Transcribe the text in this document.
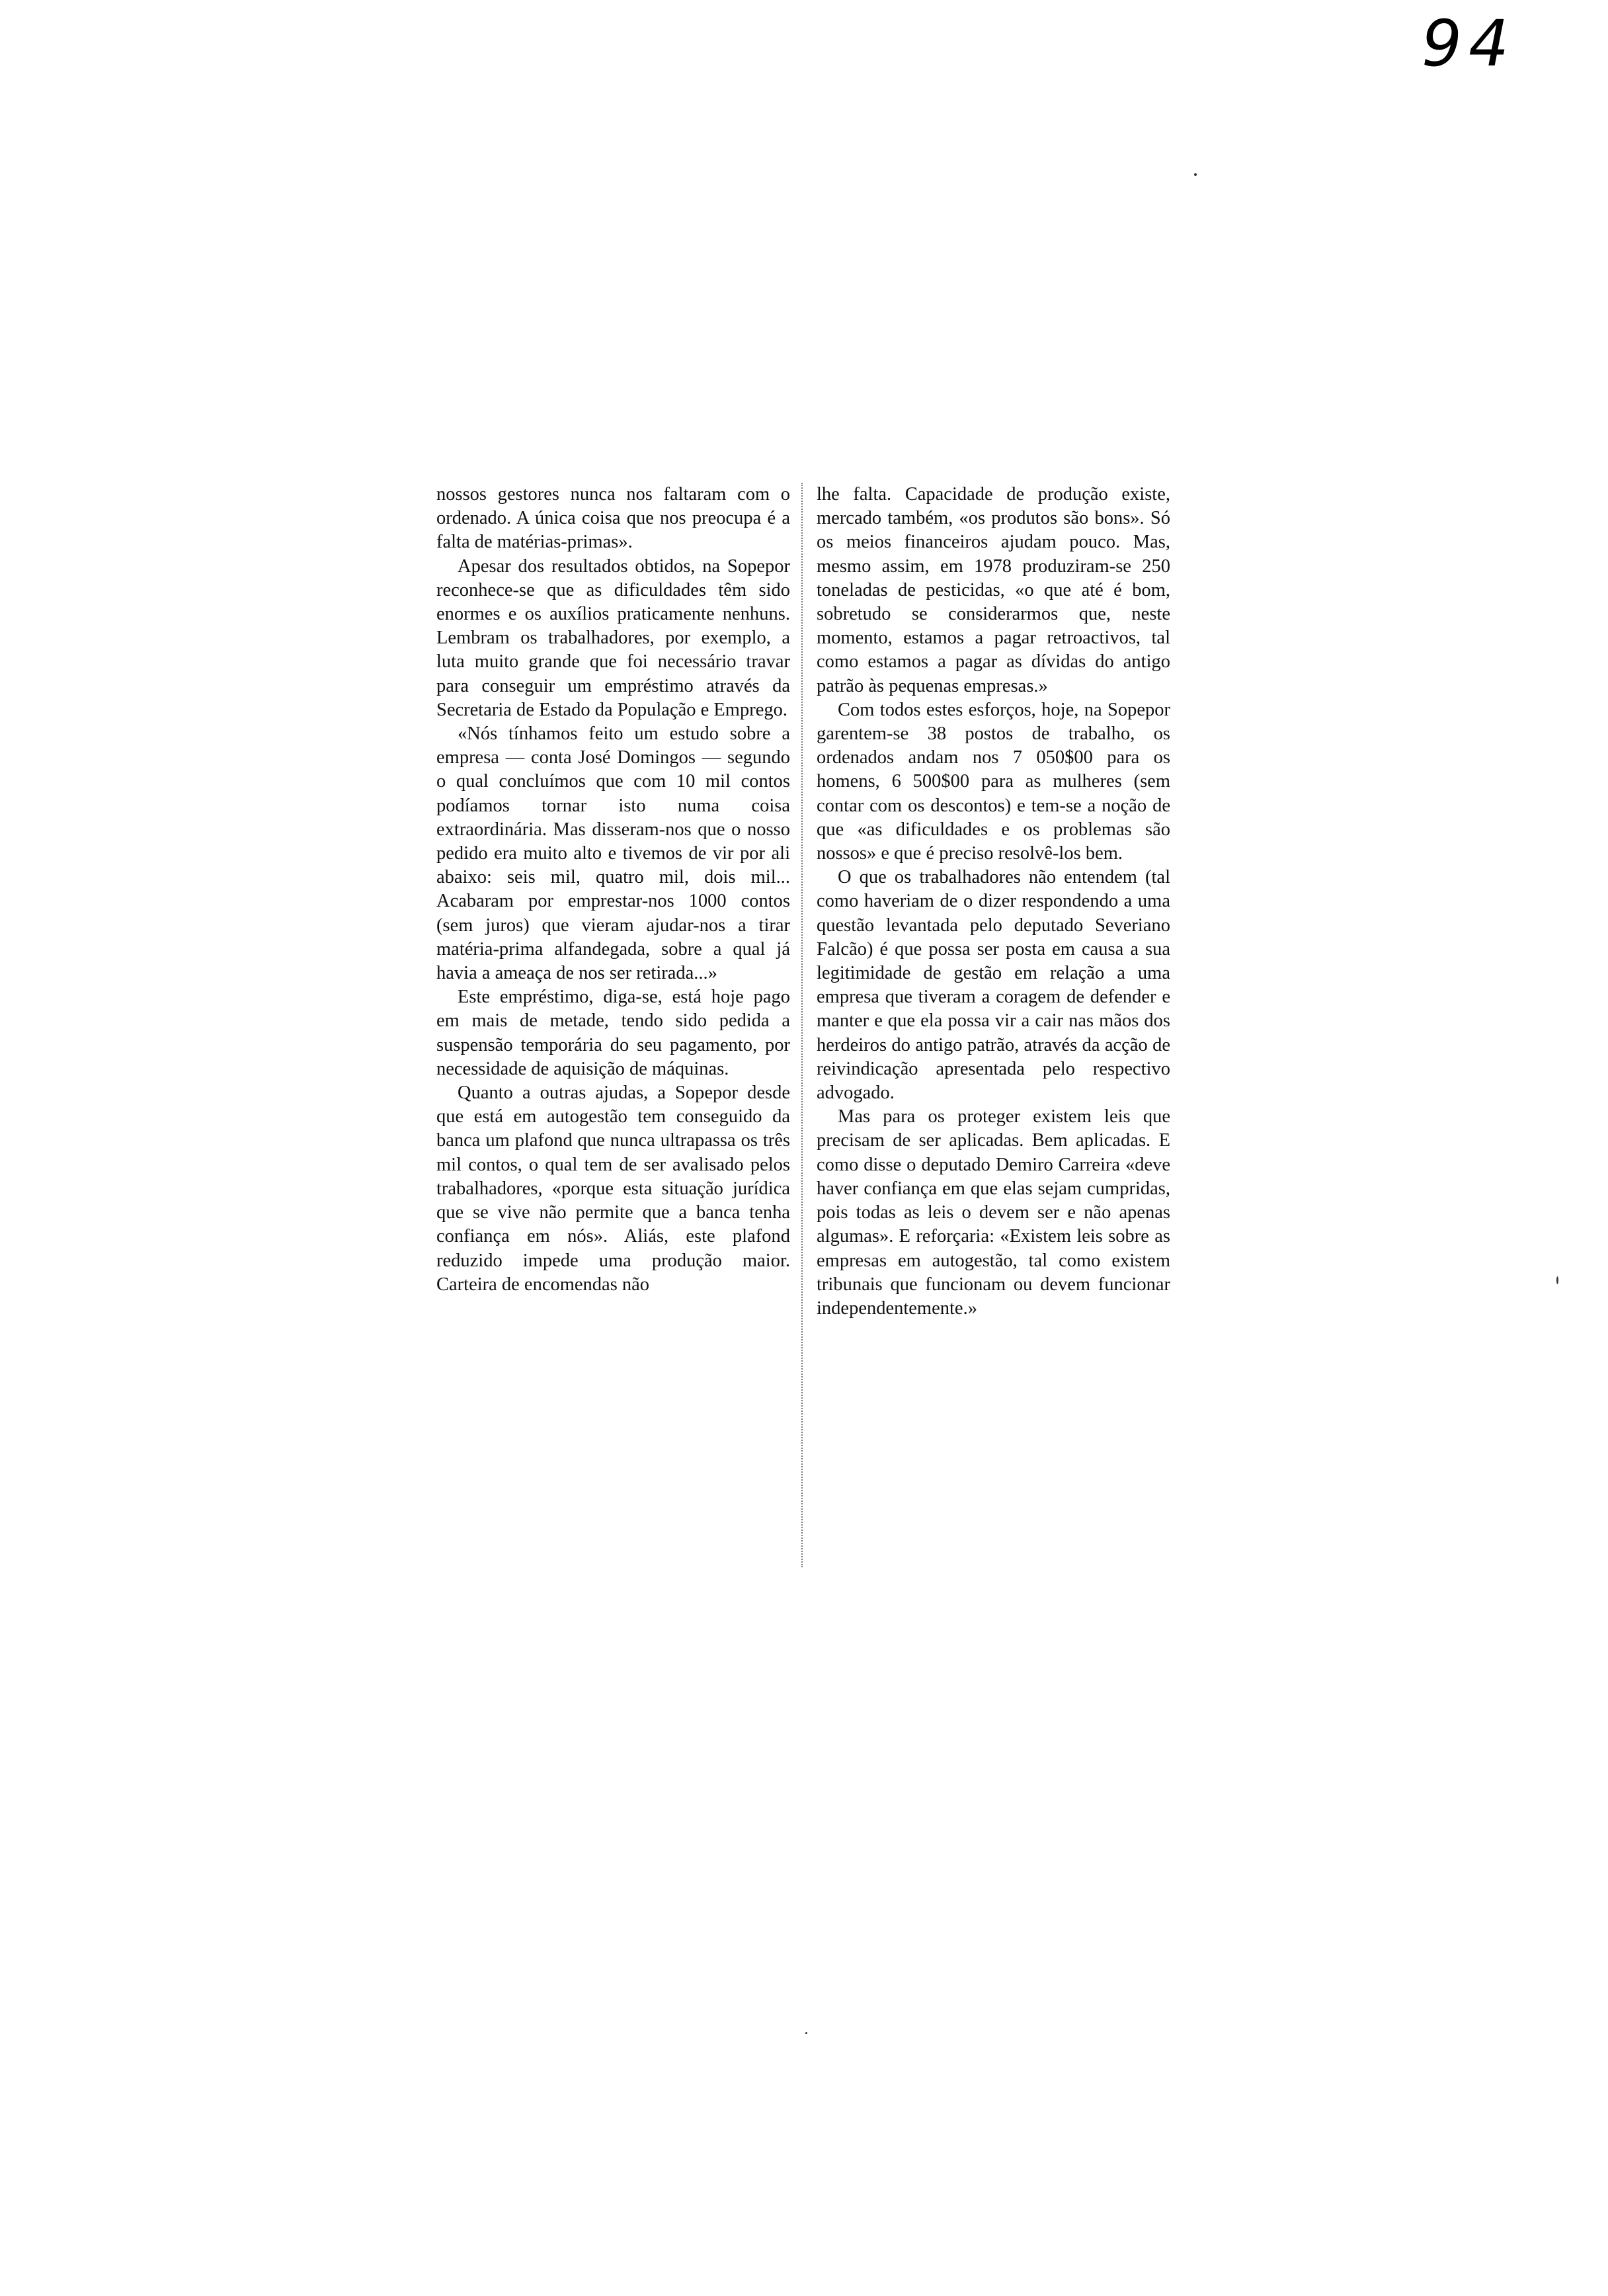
94

nossos gestores nunca nos faltaram com o ordenado. A única coisa que nos preocupa é a falta de matérias-primas».

Apesar dos resultados obtidos, na Sopepor reconhece-se que as dificuldades têm sido enormes e os auxílios praticamente nenhuns. Lembram os trabalhadores, por exemplo, a luta muito grande que foi necessário travar para conseguir um empréstimo através da Secretaria de Estado da População e Emprego.

«Nós tínhamos feito um estudo sobre a empresa — conta José Domingos — segundo o qual concluímos que com 10 mil contos podíamos tornar isto numa coisa extraordinária. Mas disseram-nos que o nosso pedido era muito alto e tivemos de vir por ali abaixo: seis mil, quatro mil, dois mil... Acabaram por emprestar-nos 1000 contos (sem juros) que vieram ajudar-nos a tirar matéria-prima alfandegada, sobre a qual já havia a ameaça de nos ser retirada...»

Este empréstimo, diga-se, está hoje pago em mais de metade, tendo sido pedida a suspensão temporária do seu pagamento, por necessidade de aquisição de máquinas.

Quanto a outras ajudas, a Sopepor desde que está em autogestão tem conseguido da banca um plafond que nunca ultrapassa os três mil contos, o qual tem de ser avalisado pelos trabalhadores, «porque esta situação jurídica que se vive não permite que a banca tenha confiança em nós». Aliás, este plafond reduzido impede uma produção maior. Carteira de encomendas não

lhe falta. Capacidade de produção existe, mercado também, «os produtos são bons». Só os meios financeiros ajudam pouco. Mas, mesmo assim, em 1978 produziram-se 250 toneladas de pesticidas, «o que até é bom, sobretudo se considerarmos que, neste momento, estamos a pagar retroactivos, tal como estamos a pagar as dívidas do antigo patrão às pequenas empresas.»

Com todos estes esforços, hoje, na Sopepor garentem-se 38 postos de trabalho, os ordenados andam nos 7 050$00 para os homens, 6 500$00 para as mulheres (sem contar com os descontos) e tem-se a noção de que «as dificuldades e os problemas são nossos» e que é preciso resolvê-los bem.

O que os trabalhadores não entendem (tal como haveriam de o dizer respondendo a uma questão levantada pelo deputado Severiano Falcão) é que possa ser posta em causa a sua legitimidade de gestão em relação a uma empresa que tiveram a coragem de defender e manter e que ela possa vir a cair nas mãos dos herdeiros do antigo patrão, através da acção de reivindicação apresentada pelo respectivo advogado.

Mas para os proteger existem leis que precisam de ser aplicadas. Bem aplicadas. E como disse o deputado Demiro Carreira «deve haver confiança em que elas sejam cumpridas, pois todas as leis o devem ser e não apenas algumas». E reforçaria: «Existem leis sobre as empresas em autogestão, tal como existem tribunais que funcionam ou devem funcionar independentemente.»
